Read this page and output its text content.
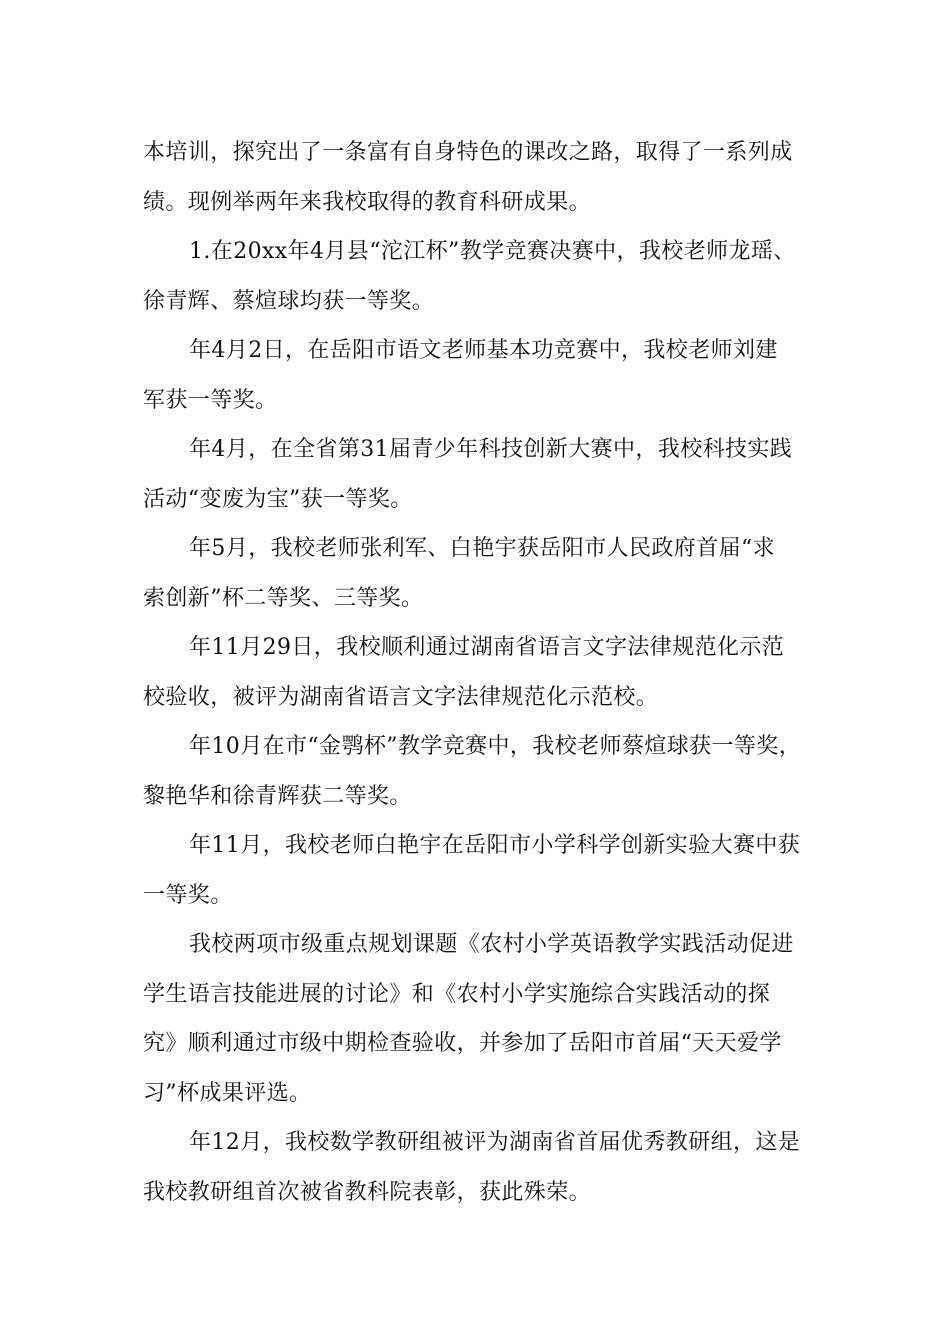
本培训，探究出了一条富有自身特色的课改之路，取得了一系列成
绩。现例举两年来我校取得的教育科研成果。
1.在20xx年4月县“沱江杯”教学竞赛决赛中，我校老师龙瑶、
徐青辉、蔡煊球均获一等奖。
年4月2日，在岳阳市语文老师基本功竞赛中，我校老师刘建
军获一等奖。
年4月，在全省第31届青少年科技创新大赛中，我校科技实践
活动“变废为宝”获一等奖。
年5月，我校老师张利军、白艳宇获岳阳市人民政府首届“求
索创新”杯二等奖、三等奖。
年11月29日，我校顺利通过湖南省语言文字法律规范化示范
校验收，被评为湖南省语言文字法律规范化示范校。
年10月在市“金鹗杯”教学竞赛中，我校老师蔡煊球获一等奖，
黎艳华和徐青辉获二等奖。
年11月，我校老师白艳宇在岳阳市小学科学创新实验大赛中获
一等奖。
我校两项市级重点规划课题《农村小学英语教学实践活动促进
学生语言技能进展的讨论》和《农村小学实施综合实践活动的探
究》顺利通过市级中期检查验收，并参加了岳阳市首届“天天爱学
习”杯成果评选。
年12月，我校数学教研组被评为湖南省首届优秀教研组，这是
我校教研组首次被省教科院表彰，获此殊荣。
